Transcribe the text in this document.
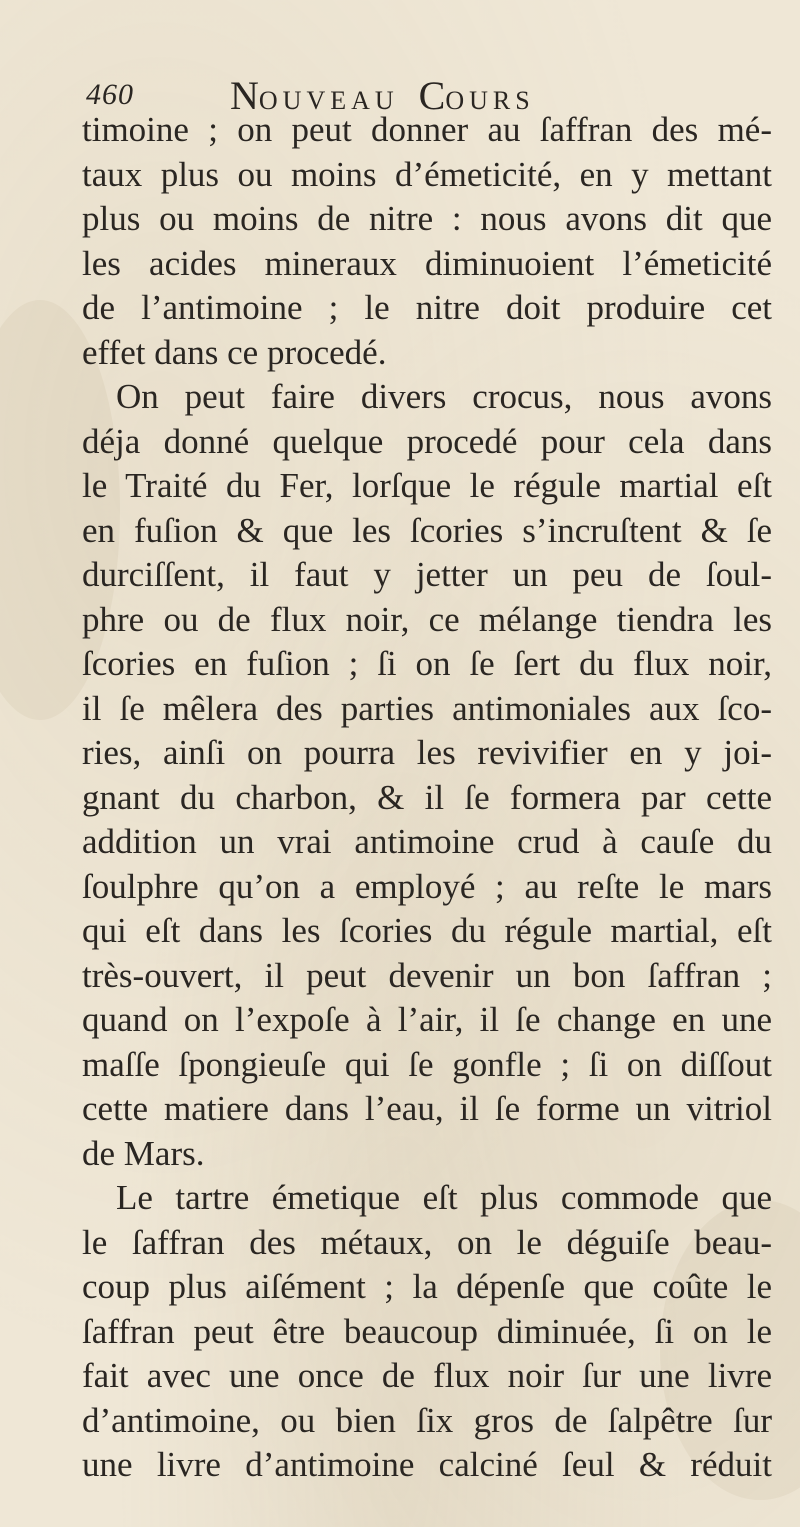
460 NOUVEAU COURS
timoine ; on peut donner au ſaffran des mé-
taux plus ou moins d’émeticité, en y mettant
plus ou moins de nitre : nous avons dit que
les acides mineraux diminuoient l’émeticité
de l’antimoine ; le nitre doit produire cet
effet dans ce procedé.
On peut faire divers crocus, nous avons
déja donné quelque procedé pour cela dans
le Traité du Fer, lorſque le régule martial eſt
en fuſion & que les ſcories s’incruſtent & ſe
durciſſent, il faut y jetter un peu de ſoul-
phre ou de flux noir, ce mélange tiendra les
ſcories en fuſion ; ſi on ſe ſert du flux noir,
il ſe mêlera des parties antimoniales aux ſco-
ries, ainſi on pourra les revivifier en y joi-
gnant du charbon, & il ſe formera par cette
addition un vrai antimoine crud à cauſe du
ſoulphre qu’on a employé ; au reſte le mars
qui eſt dans les ſcories du régule martial, eſt
très-ouvert, il peut devenir un bon ſaffran ;
quand on l’expoſe à l’air, il ſe change en une
maſſe ſpongieuſe qui ſe gonfle ; ſi on diſſout
cette matiere dans l’eau, il ſe forme un vitriol
de Mars.
Le tartre émetique eſt plus commode que
le ſaffran des métaux, on le déguiſe beau-
coup plus aiſément ; la dépenſe que coûte le
ſaffran peut être beaucoup diminuée, ſi on le
fait avec une once de flux noir ſur une livre
d’antimoine, ou bien ſix gros de ſalpêtre ſur
une livre d’antimoine calciné ſeul & réduit
